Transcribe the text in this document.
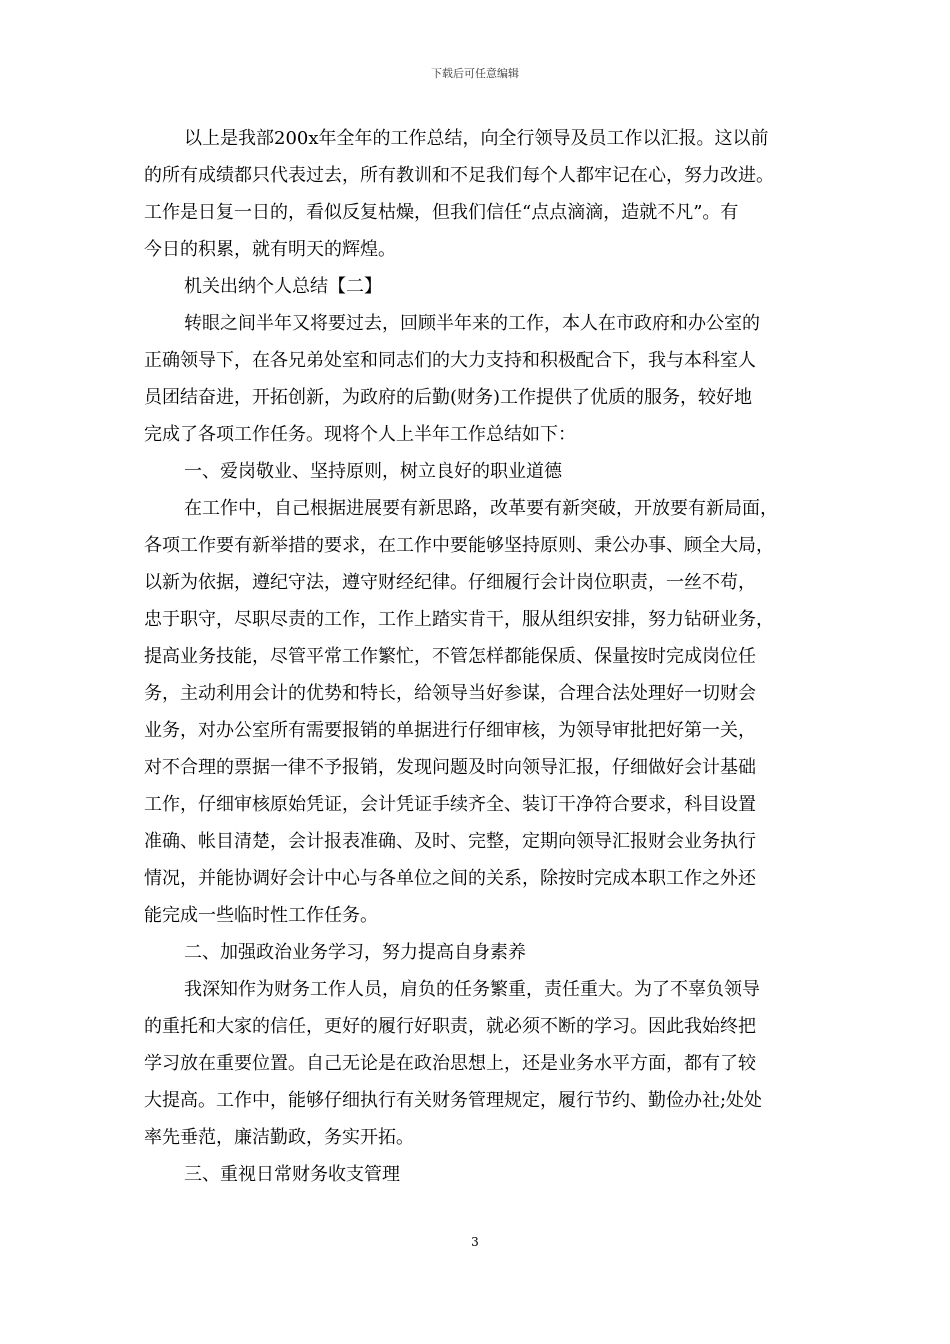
下载后可任意编辑
以上是我部200x年全年的工作总结，向全行领导及员工作以汇报。这以前
的所有成绩都只代表过去，所有教训和不足我们每个人都牢记在心，努力改进。
工作是日复一日的，看似反复枯燥，但我们信任“点点滴滴，造就不凡”。有
今日的积累，就有明天的辉煌。
机关出纳个人总结【二】
转眼之间半年又将要过去，回顾半年来的工作，本人在市政府和办公室的
正确领导下，在各兄弟处室和同志们的大力支持和积极配合下，我与本科室人
员团结奋进，开拓创新，为政府的后勤(财务)工作提供了优质的服务，较好地
完成了各项工作任务。现将个人上半年工作总结如下：
一、爱岗敬业、坚持原则，树立良好的职业道德
在工作中，自己根据进展要有新思路，改革要有新突破，开放要有新局面，
各项工作要有新举措的要求，在工作中要能够坚持原则、秉公办事、顾全大局，
以新为依据，遵纪守法，遵守财经纪律。仔细履行会计岗位职责，一丝不苟，
忠于职守，尽职尽责的工作，工作上踏实肯干，服从组织安排，努力钻研业务，
提高业务技能，尽管平常工作繁忙，不管怎样都能保质、保量按时完成岗位任
务，主动利用会计的优势和特长，给领导当好参谋，合理合法处理好一切财会
业务，对办公室所有需要报销的单据进行仔细审核，为领导审批把好第一关，
对不合理的票据一律不予报销，发现问题及时向领导汇报，仔细做好会计基础
工作，仔细审核原始凭证，会计凭证手续齐全、装订干净符合要求，科目设置
准确、帐目清楚，会计报表准确、及时、完整，定期向领导汇报财会业务执行
情况，并能协调好会计中心与各单位之间的关系，除按时完成本职工作之外还
能完成一些临时性工作任务。
二、加强政治业务学习，努力提高自身素养
我深知作为财务工作人员，肩负的任务繁重，责任重大。为了不辜负领导
的重托和大家的信任，更好的履行好职责，就必须不断的学习。因此我始终把
学习放在重要位置。自己无论是在政治思想上，还是业务水平方面，都有了较
大提高。工作中，能够仔细执行有关财务管理规定，履行节约、勤俭办社;处处
率先垂范，廉洁勤政，务实开拓。
三、重视日常财务收支管理
3
